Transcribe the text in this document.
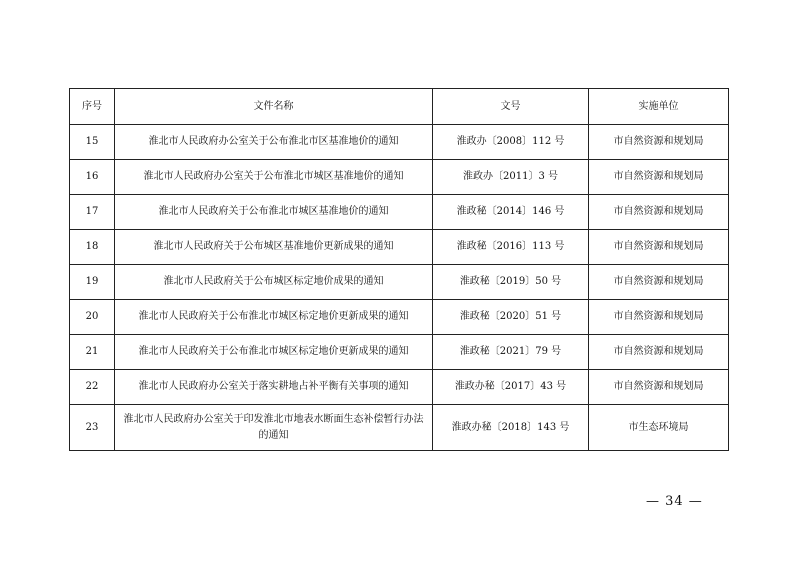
序号	文件名称	文号	实施单位
15	淮北市人民政府办公室关于公布淮北市区基准地价的通知	淮政办〔2008〕112 号	市自然资源和规划局
16	淮北市人民政府办公室关于公布淮北市城区基准地价的通知	淮政办〔2011〕3 号	市自然资源和规划局
17	淮北市人民政府关于公布淮北市城区基准地价的通知	淮政秘〔2014〕146 号	市自然资源和规划局
18	淮北市人民政府关于公布城区基准地价更新成果的通知	淮政秘〔2016〕113 号	市自然资源和规划局
19	淮北市人民政府关于公布城区标定地价成果的通知	淮政秘〔2019〕50 号	市自然资源和规划局
20	淮北市人民政府关于公布淮北市城区标定地价更新成果的通知	淮政秘〔2020〕51 号	市自然资源和规划局
21	淮北市人民政府关于公布淮北市城区标定地价更新成果的通知	淮政秘〔2021〕79 号	市自然资源和规划局
22	淮北市人民政府办公室关于落实耕地占补平衡有关事项的通知	淮政办秘〔2017〕43 号	市自然资源和规划局
23	淮北市人民政府办公室关于印发淮北市地表水断面生态补偿暂行办法的通知	淮政办秘〔2018〕143 号	市生态环境局
— 34 —
